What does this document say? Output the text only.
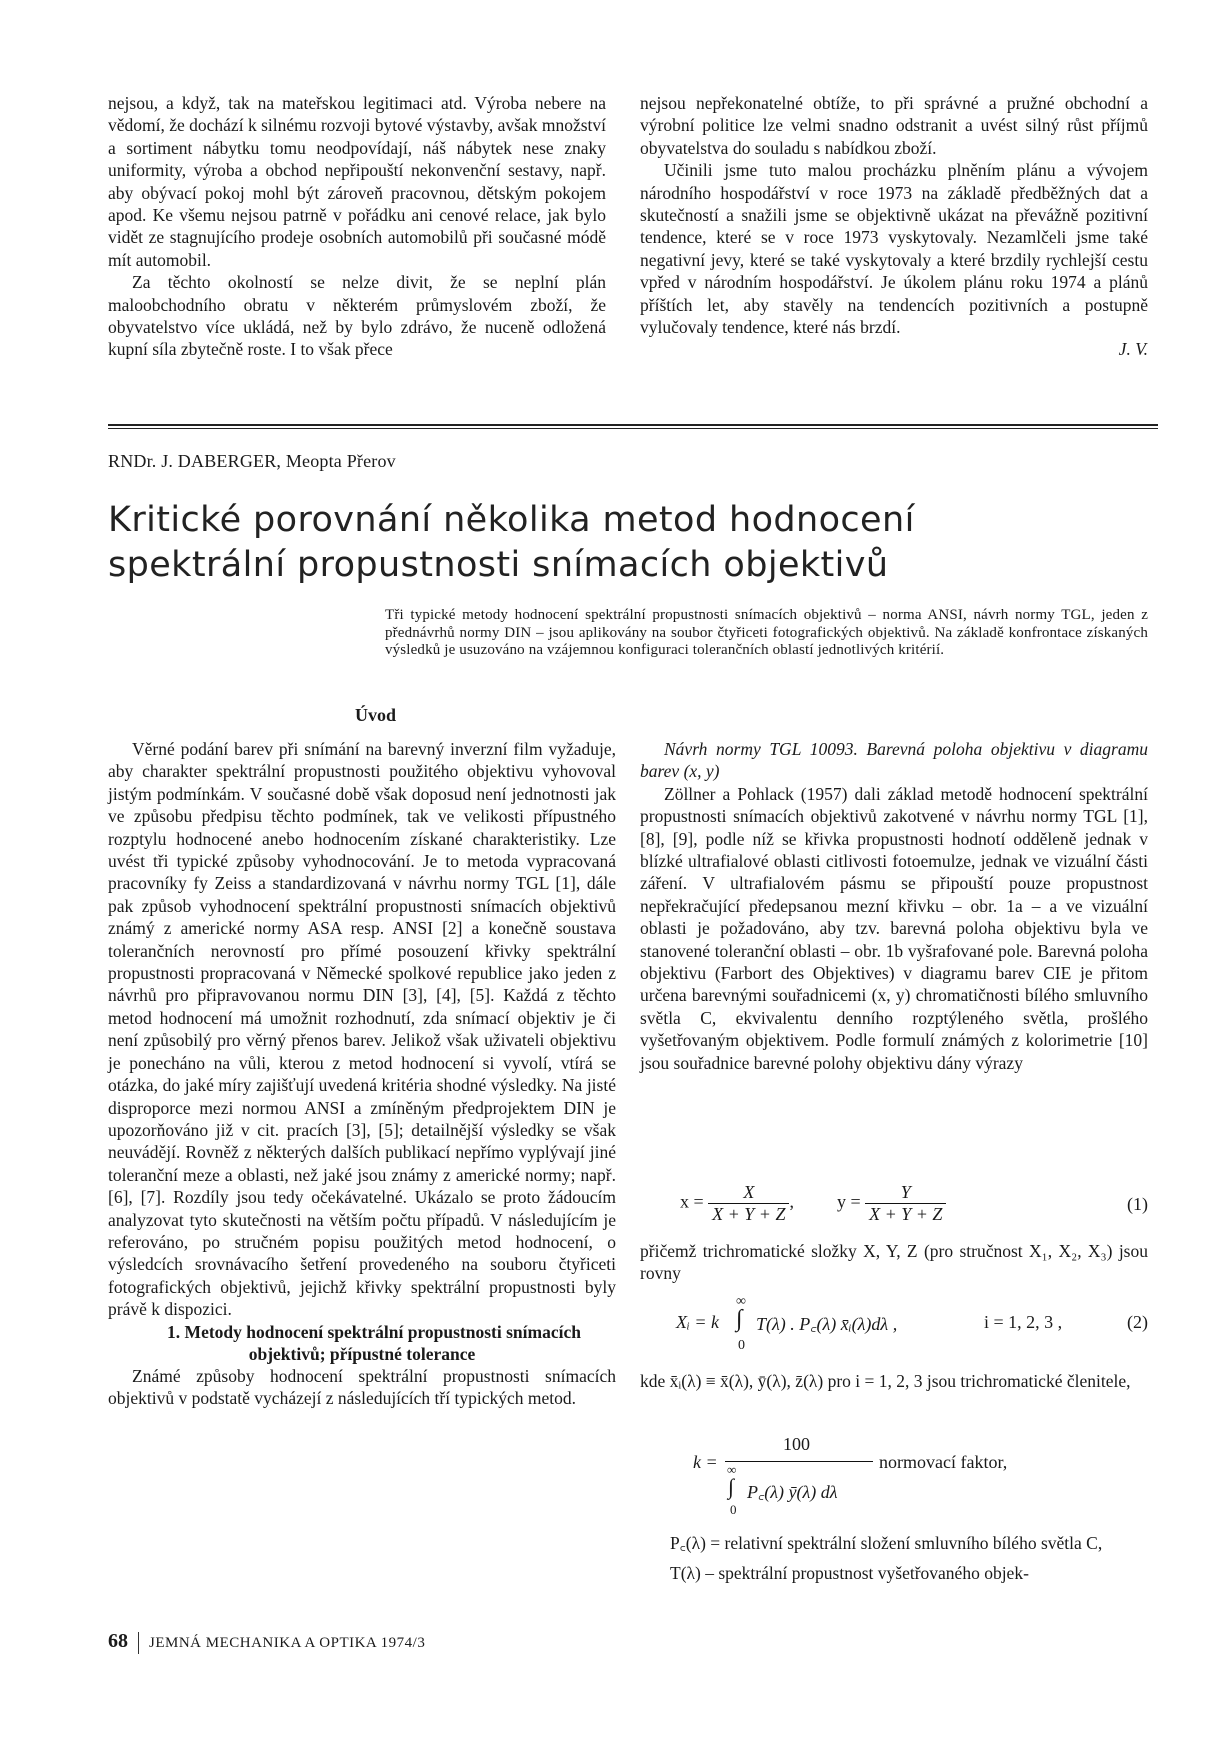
nejsou, a když, tak na mateřskou legitimaci atd. Výroba nebere na vědomí, že dochází k silnému rozvoji bytové výstavby, avšak množství a sortiment nábytku tomu neodpovídají, náš nábytek nese znaky uniformity, výroba a obchod nepřipouští nekonvenční sestavy, např. aby obývací pokoj mohl být zároveň pracovnou, dětským pokojem apod. Ke všemu nejsou patrně v pořádku ani cenové relace, jak bylo vidět ze stagnujícího prodeje osobních automobilů při současné módě mít automobil.

Za těchto okolností se nelze divit, že se neplní plán maloobchodního obratu v některém průmyslovém zboží, že obyvatelstvo více ukládá, než by bylo zdrávo, že nuceně odložená kupní síla zbytečně roste. I to však přece

nejsou nepřekonatelné obtíže, to při správné a pružné obchodní a výrobní politice lze velmi snadno odstranit a uvést silný růst příjmů obyvatelstva do souladu s nabídkou zboží.

Učinili jsme tuto malou procházku plněním plánu a vývojem národního hospodářství v roce 1973 na základě předběžných dat a skutečností a snažili jsme se objektivně ukázat na převážně pozitivní tendence, které se v roce 1973 vyskytovaly. Nezamlčeli jsme také negativní jevy, které se také vyskytovaly a které brzdily rychlejší cestu vpřed v národním hospodářství. Je úkolem plánu roku 1974 a plánů příštích let, aby stavěly na tendencích pozitivních a postupně vylučovaly tendence, které nás brzdí.

J. V.

RNDr. J. DABERGER, Meopta Přerov
Kritické porovnání několika metod hodnocení
spektrální propustnosti snímacích objektivů

Tři typické metody hodnocení spektrální propustnosti snímacích objektivů – norma ANSI, návrh normy TGL, jeden z přednávrhů normy DIN – jsou aplikovány na soubor čtyřiceti fotografických objektivů. Na základě konfrontace získaných výsledků je usuzováno na vzájemnou konfiguraci tolerančních oblastí jednotlivých kritérií.

Úvod

Věrné podání barev při snímání na barevný inverzní film vyžaduje, aby charakter spektrální propustnosti použitého objektivu vyhovoval jistým podmínkám. V současné době však doposud není jednotnosti jak ve způsobu předpisu těchto podmínek, tak ve velikosti přípustného rozptylu hodnocené anebo hodnocením získané charakteristiky. Lze uvést tři typické způsoby vyhodnocování. Je to metoda vypracovaná pracovníky fy Zeiss a standardizovaná v návrhu normy TGL [1], dále pak způsob vyhodnocení spektrální propustnosti snímacích objektivů známý z americké normy ASA resp. ANSI [2] a konečně soustava tolerančních nerovností pro přímé posouzení křivky spektrální propustnosti propracovaná v Německé spolkové republice jako jeden z návrhů pro připravovanou normu DIN [3], [4], [5]. Každá z těchto metod hodnocení má umožnit rozhodnutí, zda snímací objektiv je či není způsobilý pro věrný přenos barev. Jelikož však uživateli objektivu je ponecháno na vůli, kterou z metod hodnocení si vyvolí, vtírá se otázka, do jaké míry zajišťují uvedená kritéria shodné výsledky. Na jisté disproporce mezi normou ANSI a zmíněným předprojektem DIN je upozorňováno již v cit. pracích [3], [5]; detailnější výsledky se však neuvádějí. Rovněž z některých dalších publikací nepřímo vyplývají jiné toleranční meze a oblasti, než jaké jsou známy z americké normy; např. [6], [7]. Rozdíly jsou tedy očekávatelné. Ukázalo se proto žádoucím analyzovat tyto skutečnosti na větším počtu případů. V následujícím je referováno, po stručném popisu použitých metod hodnocení, o výsledcích srovnávacího šetření provedeného na souboru čtyřiceti fotografických objektivů, jejichž křivky spektrální propustnosti byly právě k dispozici.

1. Metody hodnocení spektrální propustnosti snímacích objektivů; přípustné tolerance

Známé způsoby hodnocení spektrální propustnosti snímacích objektivů v podstatě vycházejí z následujících tří typických metod.

Návrh normy TGL 10093. Barevná poloha objektivu v diagramu barev (x, y)

Zöllner a Pohlack (1957) dali základ metodě hodnocení spektrální propustnosti snímacích objektivů zakotvené v návrhu normy TGL [1], [8], [9], podle níž se křivka propustnosti hodnotí odděleně jednak v blízké ultrafialové oblasti citlivosti fotoemulze, jednak ve vizuální části záření. V ultrafialovém pásmu se připouští pouze propustnost nepřekračující předepsanou mezní křivku – obr. 1a – a ve vizuální oblasti je požadováno, aby tzv. barevná poloha objektivu byla ve stanovené toleranční oblasti – obr. 1b vyšrafované pole. Barevná poloha objektivu (Farbort des Objektives) v diagramu barev CIE je přitom určena barevnými souřadnicemi (x, y) chromatičnosti bílého smluvního světla C, ekvivalentu denního rozptýleného světla, prošlého vyšetřovaným objektivem. Podle formulí známých z kolorimetrie [10] jsou souřadnice barevné polohy objektivu dány výrazy

$x = \frac{X}{X + Y + Z}$ , $y = \frac{Y}{X + Y + Z}$	(1)

přičemž trichromatické složky X, Y, Z (pro stručnost X₁, X₂, X₃) jsou rovny

∞
Xᵢ = k ∫ T(λ) . P꜀(λ) x̄ᵢ(λ)dλ ,
0
i = 1, 2, 3 ,	(2)

kde x̄ᵢ(λ) ≡ x̄(λ), ȳ(λ), z̄(λ) pro i = 1, 2, 3 jsou trichromatické členitele,

k =
100
∞
∫ P꜀(λ) ȳ(λ) dλ
0
normovací faktor,

P꜀(λ) = relativní spektrální složení smluvního bílého světla C,

T(λ) – spektrální propustnost vyšetřovaného objek-

68 JEMNÁ MECHANIKA A OPTIKA 1974/3
